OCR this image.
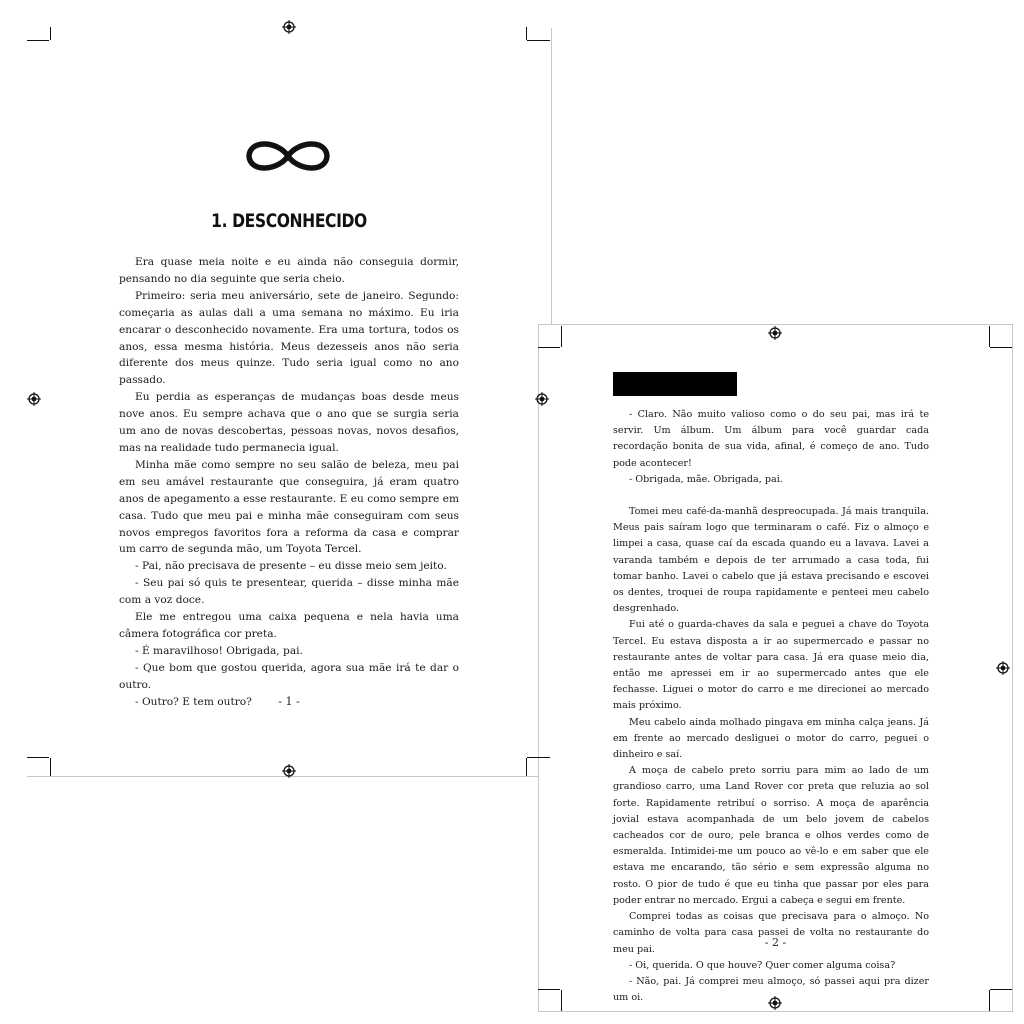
1. DESCONHECIDO

Era quase meia noite e eu ainda não conseguia dormir, pensando no dia seguinte que seria cheio.

Primeiro: seria meu aniversário, sete de janeiro. Segundo: começaria as aulas dali a uma semana no máximo. Eu iria encarar o desconhecido novamente. Era uma tortura, todos os anos, essa mesma história. Meus dezesseis anos não seria diferente dos meus quinze. Tudo seria igual como no ano passado.

Eu perdia as esperanças de mudanças boas desde meus nove anos. Eu sempre achava que o ano que se surgia seria um ano de novas descobertas, pessoas novas, novos desafios, mas na realidade tudo permanecia igual.

Minha mãe como sempre no seu salão de beleza, meu pai em seu amável restaurante que conseguira, já eram quatro anos de apegamento a esse restaurante. E eu como sempre em casa. Tudo que meu pai e minha mãe conseguiram com seus novos empregos favoritos fora a reforma da casa e comprar um carro de segunda mão, um Toyota Tercel.

- Pai, não precisava de presente – eu disse meio sem jeito.

- Seu pai só quis te presentear, querida – disse minha mãe com a voz doce.

Ele me entregou uma caixa pequena e nela havia uma câmera fotográfica cor preta.

- É maravilhoso! Obrigada, pai.

- Que bom que gostou querida, agora sua mãe irá te dar o outro.

- Outro? E tem outro?	- 1 -

- Claro. Não muito valioso como o do seu pai, mas irá te servir. Um álbum. Um álbum para você guardar cada recordação bonita de sua vida, afinal, é começo de ano. Tudo pode acontecer!

- Obrigada, mãe. Obrigada, pai.

Tomei meu café-da-manhã despreocupada. Já mais tranquila. Meus pais saíram logo que terminaram o café. Fiz o almoço e limpei a casa, quase caí da escada quando eu a lavava. Lavei a varanda também e depois de ter arrumado a casa toda, fui tomar banho. Lavei o cabelo que já estava precisando e escovei os dentes, troquei de roupa rapidamente e penteei meu cabelo desgrenhado.

Fui até o guarda-chaves da sala e peguei a chave do Toyota Tercel. Eu estava disposta a ir ao supermercado e passar no restaurante antes de voltar para casa. Já era quase meio dia, então me apressei em ir ao supermercado antes que ele fechasse. Liguei o motor do carro e me direcionei ao mercado mais próximo.

Meu cabelo ainda molhado pingava em minha calça jeans. Já em frente ao mercado desliguei o motor do carro, peguei o dinheiro e saí.

A moça de cabelo preto sorriu para mim ao lado de um grandioso carro, uma Land Rover cor preta que reluzia ao sol forte. Rapidamente retribuí o sorriso. A moça de aparência jovial estava acompanhada de um belo jovem de cabelos cacheados cor de ouro, pele branca e olhos verdes como de esmeralda. Intimidei-me um pouco ao vê-lo e em saber que ele estava me encarando, tão sério e sem expressão alguma no rosto. O pior de tudo é que eu tinha que passar por eles para poder entrar no mercado. Ergui a cabeça e segui em frente.

Comprei todas as coisas que precisava para o almoço. No caminho de volta para casa passei de volta no restaurante do meu pai.

- Oi, querida. O que houve? Quer comer alguma coisa?

- Não, pai. Já comprei meu almoço, só passei aqui pra dizer um oi.

- 2 -
